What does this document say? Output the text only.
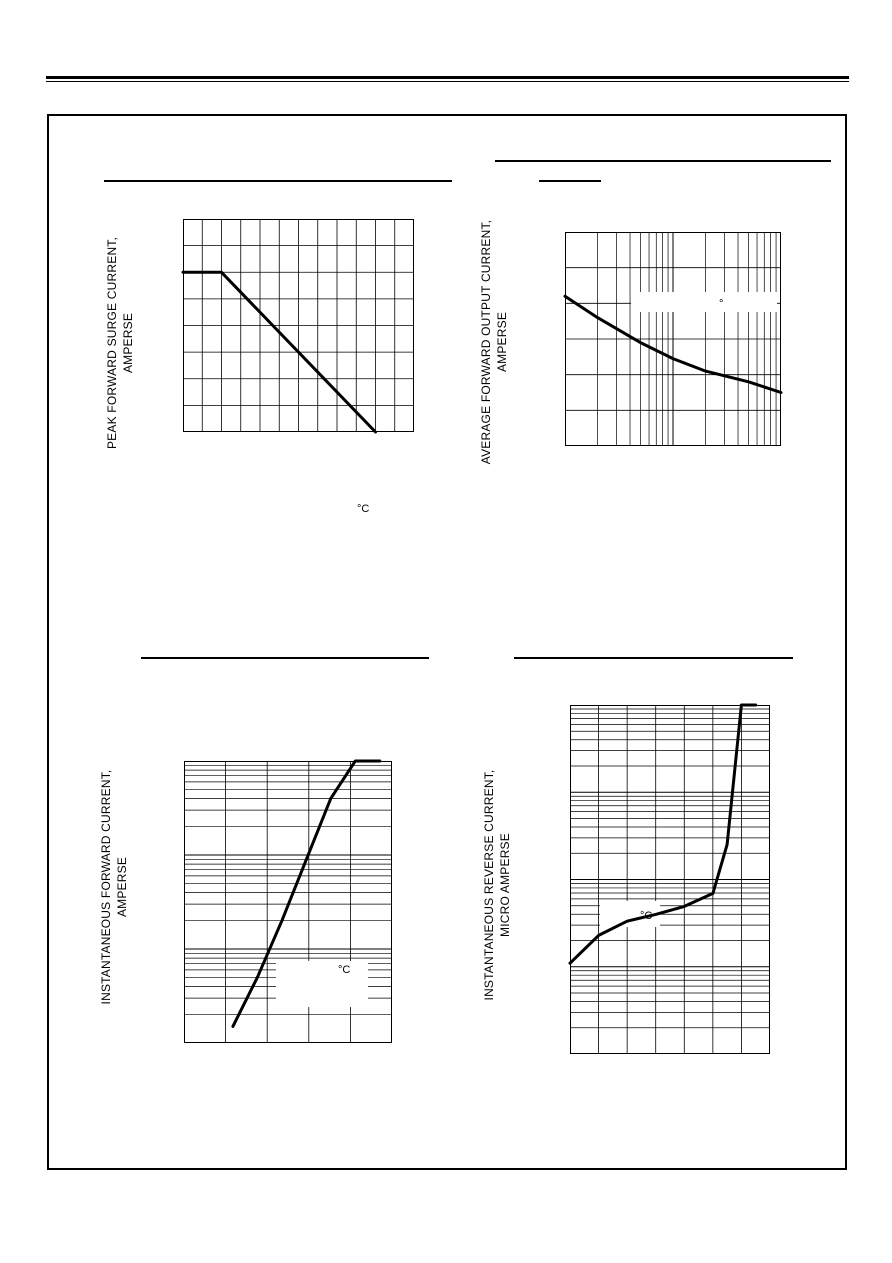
PEAK FORWARD SURGE CURRENT, AMPERSE
°C
AVERAGE FORWARD OUTPUT CURRENT, AMPERSE
°
INSTANTANEOUS FORWARD CURRENT, AMPERSE
°C	INSTANTANEOUS REVERSE CURRENT, MICRO AMPERSE	°C
